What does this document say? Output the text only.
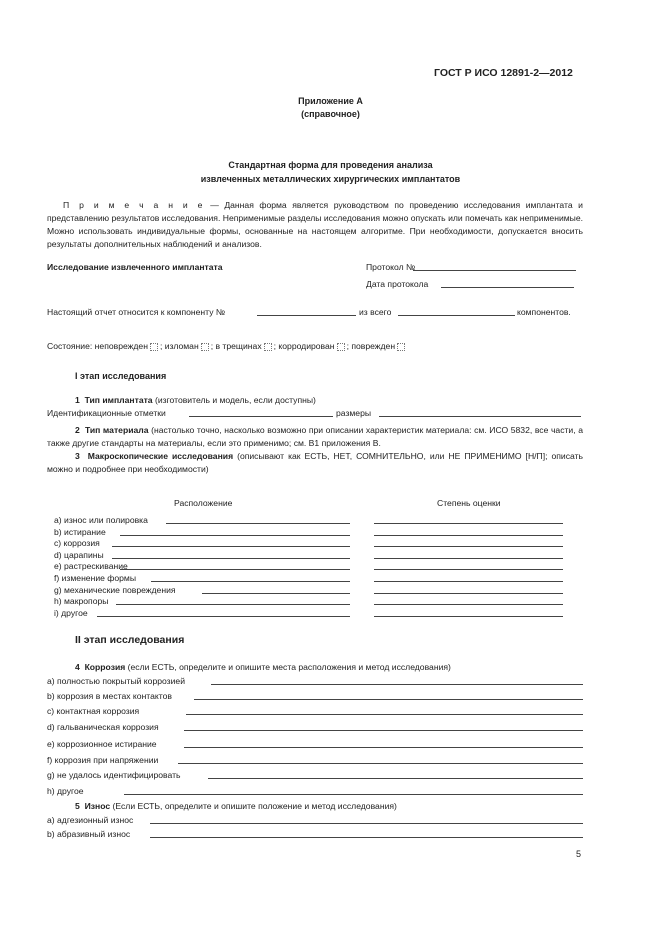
ГОСТ Р ИСО 12891-2—2012
Приложение А
(справочное)
Стандартная форма для проведения анализа
извлеченных металлических хирургических имплантатов
П р и м е ч а н и е — Данная форма является руководством по проведению исследования имплантата и представлению результатов исследования. Неприменимые разделы исследования можно опускать или помечать как неприменимые. Можно использовать индивидуальные формы, основанные на настоящем алгоритме. При необходимости, допускается вносить результаты дополнительных наблюдений и анализов.
Исследование извлеченного имплантата	Протокол №
Дата протокола
Настоящий отчет относится к компоненту №	из всего	компонентов.
Состояние: неповрежден ; изломан ; в трещинах ; корродирован ; поврежден
I этап исследования
1 Тип имплантата (изготовитель и модель, если доступны)
Идентификационные отметки	размеры
2 Тип материала (настолько точно, насколько возможно при описании характеристик материала: см. ИСО 5832, все части, а также другие стандарты на материалы, если это применимо; см. В1 приложения В.
3 Макроскопические исследования (описывают как ЕСТЬ, НЕТ, СОМНИТЕЛЬНО, или НЕ ПРИМЕНИМО [Н/П]; описать можно и подробнее при необходимости)
Расположение	Степень оценки
а) износ или полировка
b) истирание
с) коррозия
d) царапины
е) растрескивание
f) изменение формы
g) механические повреждения
h) макропоры
i) другое
II этап исследования
4 Коррозия (если ЕСТЬ, определите и опишите места расположения и метод исследования)
а) полностью покрытый коррозией
b) коррозия в местах контактов
с) контактная коррозия
d) гальваническая коррозия
е) коррозионное истирание
f) коррозия при напряжении
g) не удалось идентифицировать
h) другое
5 Износ (Если ЕСТЬ, определите и опишите положение и метод исследования)
а) адгезионный износ
b) абразивный износ
5
